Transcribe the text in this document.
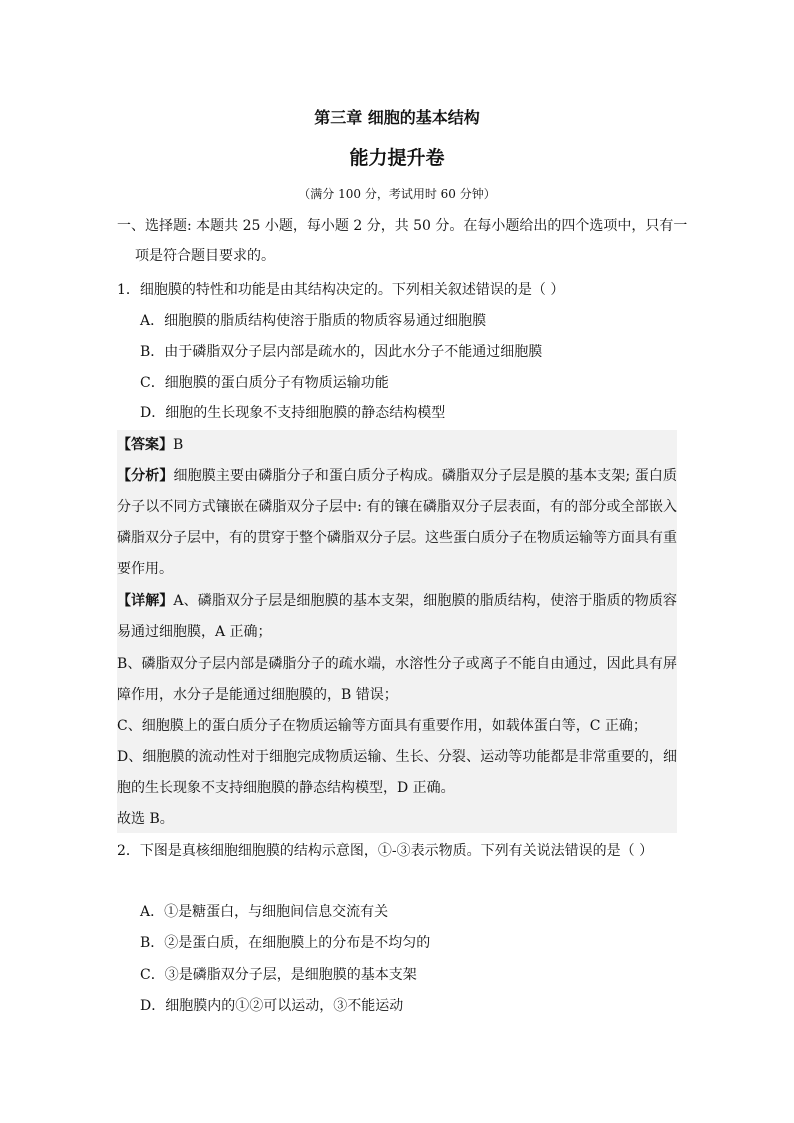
第三章 细胞的基本结构
能力提升卷
（满分 100 分，考试用时 60 分钟）
一、选择题: 本题共 25 小题，每小题 2 分，共 50 分。在每小题给出的四个选项中，只有一
项是符合题目要求的。
1．细胞膜的特性和功能是由其结构决定的。下列相关叙述错误的是（ ）
A．细胞膜的脂质结构使溶于脂质的物质容易通过细胞膜
B．由于磷脂双分子层内部是疏水的，因此水分子不能通过细胞膜
C．细胞膜的蛋白质分子有物质运输功能
D．细胞的生长现象不支持细胞膜的静态结构模型
【答案】B
【分析】细胞膜主要由磷脂分子和蛋白质分子构成。磷脂双分子层是膜的基本支架; 蛋白质
分子以不同方式镶嵌在磷脂双分子层中: 有的镶在磷脂双分子层表面，有的部分或全部嵌入
磷脂双分子层中，有的贯穿于整个磷脂双分子层。这些蛋白质分子在物质运输等方面具有重
要作用。
【详解】A、磷脂双分子层是细胞膜的基本支架，细胞膜的脂质结构，使溶于脂质的物质容
易通过细胞膜，A 正确；
B、磷脂双分子层内部是磷脂分子的疏水端，水溶性分子或离子不能自由通过，因此具有屏
障作用，水分子是能通过细胞膜的，B 错误；
C、细胞膜上的蛋白质分子在物质运输等方面具有重要作用，如载体蛋白等，C 正确；
D、细胞膜的流动性对于细胞完成物质运输、生长、分裂、运动等功能都是非常重要的，细
胞的生长现象不支持细胞膜的静态结构模型，D 正确。
故选 B。
2．下图是真核细胞细胞膜的结构示意图，①-③表示物质。下列有关说法错误的是（ ）
A．①是糖蛋白，与细胞间信息交流有关
B．②是蛋白质，在细胞膜上的分布是不均匀的
C．③是磷脂双分子层，是细胞膜的基本支架
D．细胞膜内的①②可以运动，③不能运动
